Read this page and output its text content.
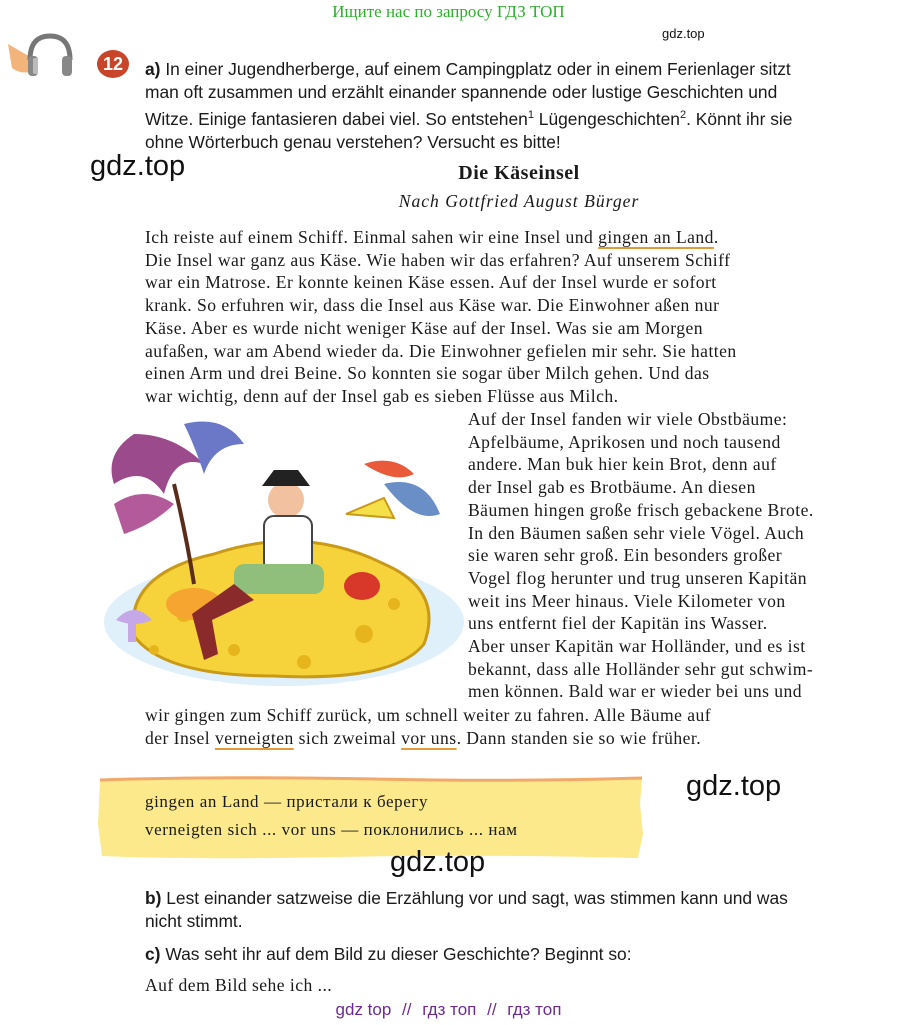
Ищите нас по запросу ГДЗ ТОП
gdz.top
12	a) In einer Jugendherberge, auf einem Campingplatz oder in einem Ferienlager sitzt
man oft zusammen und erzählt einander spannende oder lustige Geschichten und
Witze. Einige fantasieren dabei viel. So entstehen$^1$ Lügengeschichten$^2$. Könnt ihr sie
ohne Wörterbuch genau verstehen? Versucht es bitte!
gdz.top	Die Käseinsel
Nach Gottfried August Bürger
Ich reiste auf einem Schiff. Einmal sahen wir eine Insel und gingen an Land.
Die Insel war ganz aus Käse. Wie haben wir das erfahren? Auf unserem Schiff
war ein Matrose. Er konnte keinen Käse essen. Auf der Insel wurde er sofort
krank. So erfuhren wir, dass die Insel aus Käse war. Die Einwohner aßen nur
Käse. Aber es wurde nicht weniger Käse auf der Insel. Was sie am Morgen
aufaßen, war am Abend wieder da. Die Einwohner gefielen mir sehr. Sie hatten
einen Arm und drei Beine. So konnten sie sogar über Milch gehen. Und das
war wichtig, denn auf der Insel gab es sieben Flüsse aus Milch.
Auf der Insel fanden wir viele Obstbäume:
Apfelbäume, Aprikosen und noch tausend
andere. Man buk hier kein Brot, denn auf
der Insel gab es Brotbäume. An diesen
Bäumen hingen große frisch gebackene Brote.
In den Bäumen saßen sehr viele Vögel. Auch
sie waren sehr groß. Ein besonders großer
Vogel flog herunter und trug unseren Kapitän
weit ins Meer hinaus. Viele Kilometer von
uns entfernt fiel der Kapitän ins Wasser.
Aber unser Kapitän war Holländer, und es ist
bekannt, dass alle Holländer sehr gut schwim-
men können. Bald war er wieder bei uns und
wir gingen zum Schiff zurück, um schnell weiter zu fahren. Alle Bäume auf
der Insel verneigten sich zweimal vor uns. Dann standen sie so wie früher.
gingen an Land — пристали к берегу
verneigten sich ... vor uns — поклонились ... нам
gdz.top
gdz.top
b) Lest einander satzweise die Erzählung vor und sagt, was stimmen kann und was
nicht stimmt.
c) Was seht ihr auf dem Bild zu dieser Geschichte? Beginnt so:
Auf dem Bild sehe ich ...
gdz top // гдз топ // гдз топ
